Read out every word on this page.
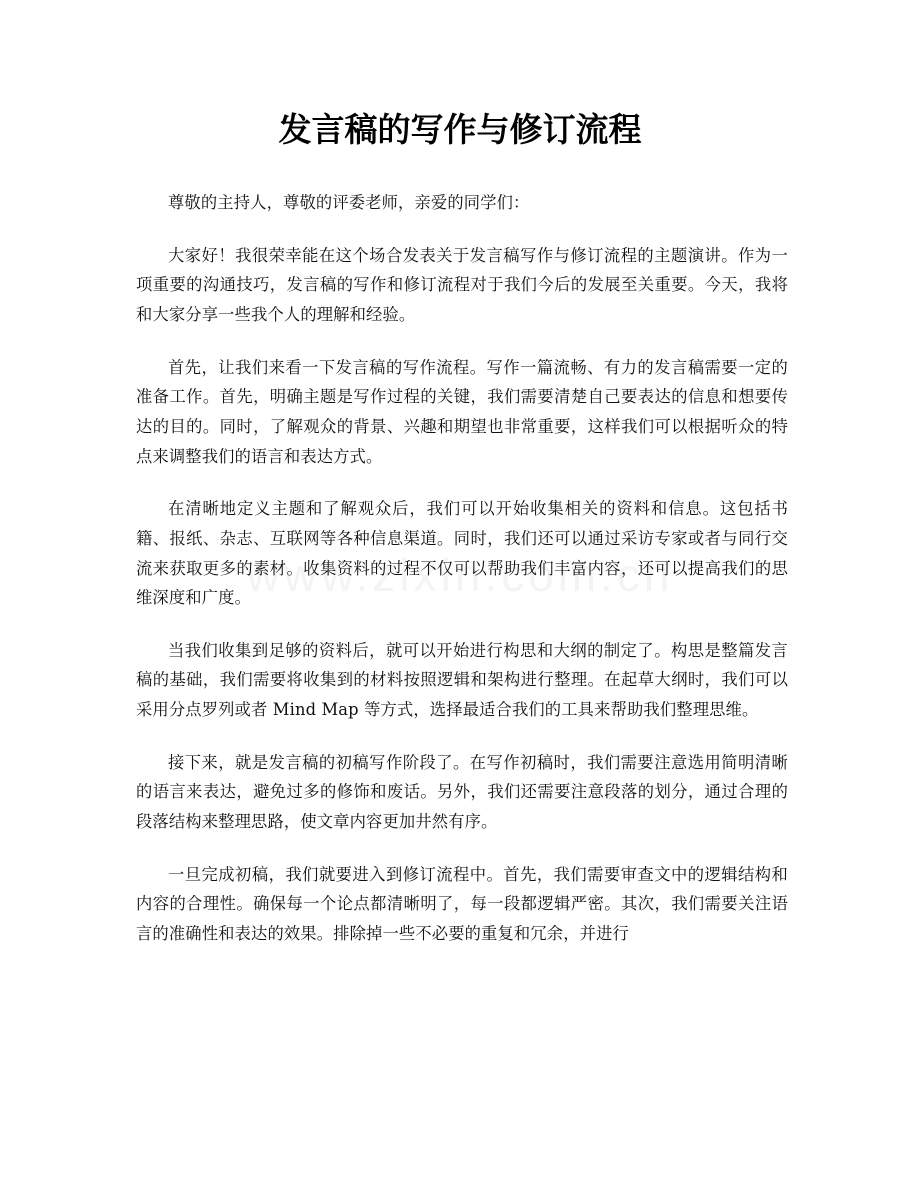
发言稿的写作与修订流程

尊敬的主持人，尊敬的评委老师，亲爱的同学们：

大家好！我很荣幸能在这个场合发表关于发言稿写作与修订流程的主题演讲。作为一项重要的沟通技巧，发言稿的写作和修订流程对于我们今后的发展至关重要。今天，我将和大家分享一些我个人的理解和经验。

首先，让我们来看一下发言稿的写作流程。写作一篇流畅、有力的发言稿需要一定的准备工作。首先，明确主题是写作过程的关键，我们需要清楚自己要表达的信息和想要传达的目的。同时，了解观众的背景、兴趣和期望也非常重要，这样我们可以根据听众的特点来调整我们的语言和表达方式。

在清晰地定义主题和了解观众后，我们可以开始收集相关的资料和信息。这包括书籍、报纸、杂志、互联网等各种信息渠道。同时，我们还可以通过采访专家或者与同行交流来获取更多的素材。收集资料的过程不仅可以帮助我们丰富内容，还可以提高我们的思维深度和广度。

当我们收集到足够的资料后，就可以开始进行构思和大纲的制定了。构思是整篇发言稿的基础，我们需要将收集到的材料按照逻辑和架构进行整理。在起草大纲时，我们可以采用分点罗列或者 Mind Map 等方式，选择最适合我们的工具来帮助我们整理思维。

接下来，就是发言稿的初稿写作阶段了。在写作初稿时，我们需要注意选用简明清晰的语言来表达，避免过多的修饰和废话。另外，我们还需要注意段落的划分，通过合理的段落结构来整理思路，使文章内容更加井然有序。

一旦完成初稿，我们就要进入到修订流程中。首先，我们需要审查文中的逻辑结构和内容的合理性。确保每一个论点都清晰明了，每一段都逻辑严密。其次，我们需要关注语言的准确性和表达的效果。排除掉一些不必要的重复和冗余，并进行
